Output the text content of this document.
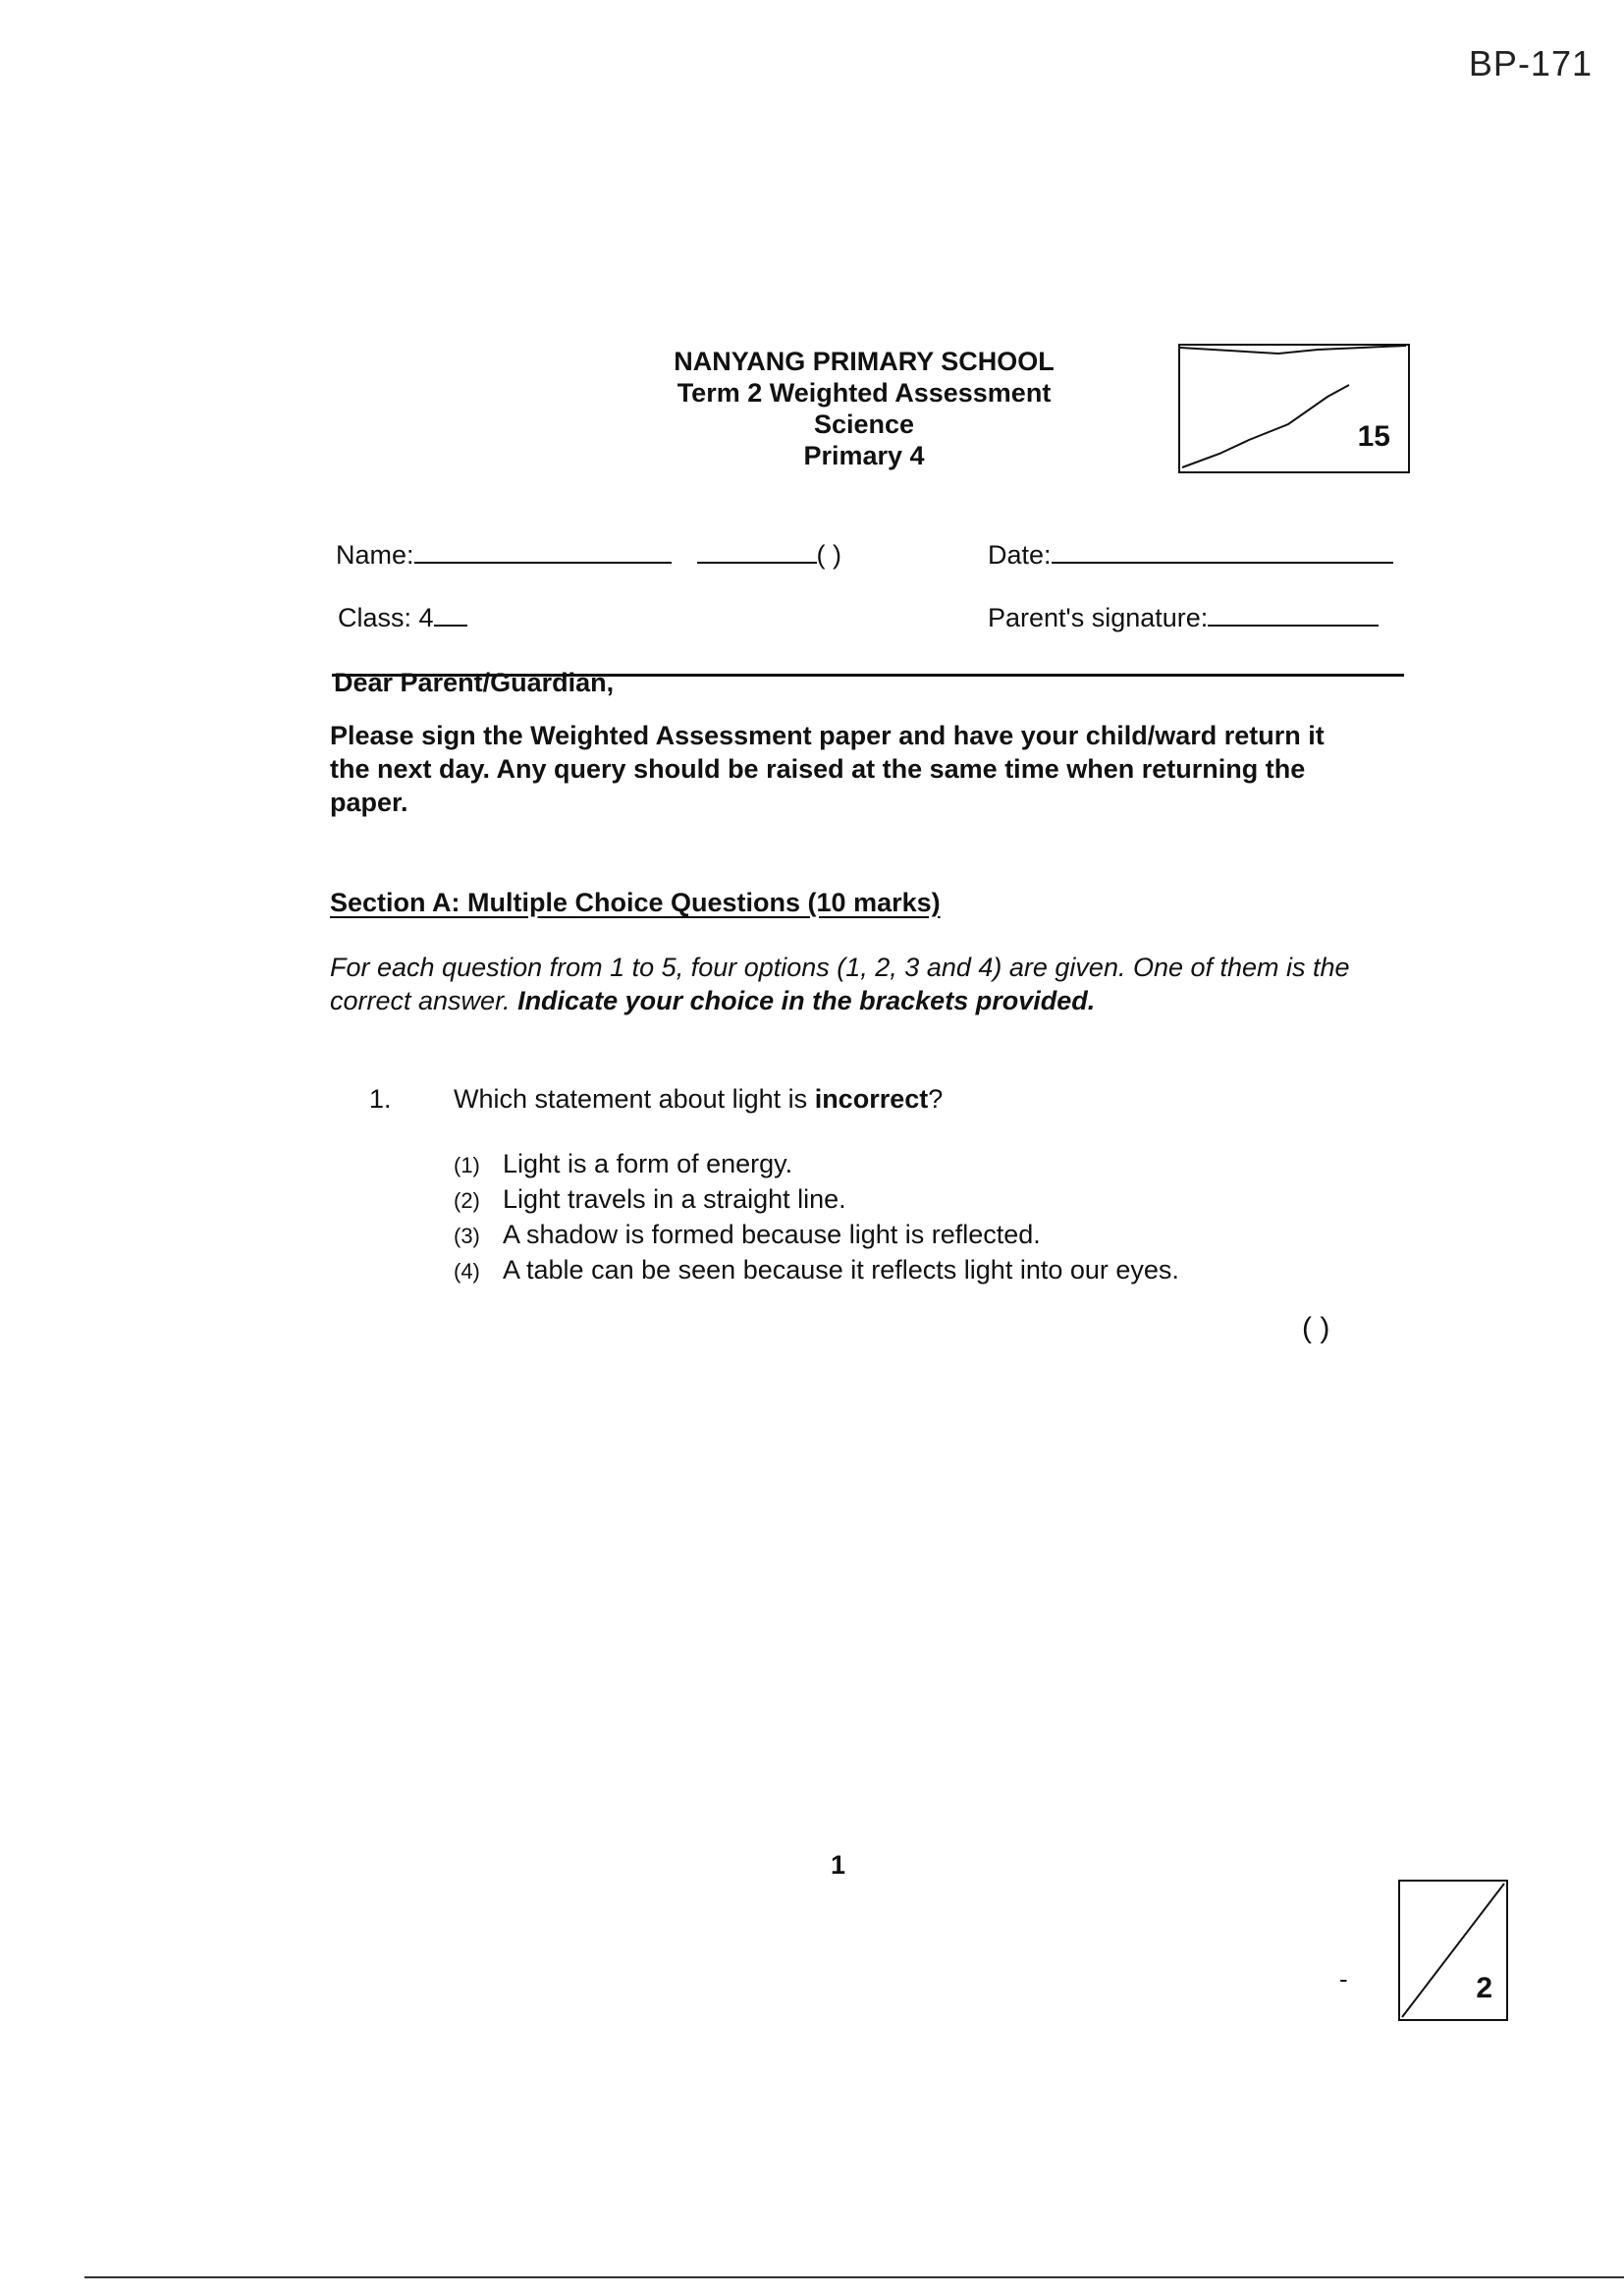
BP-171
NANYANG PRIMARY SCHOOL
Term 2 Weighted Assessment
Science
Primary 4
15
Name:	( )	Date:
Class: 4	Parent's signature:
Dear Parent/Guardian,
Please sign the Weighted Assessment paper and have your child/ward return it the next day. Any query should be raised at the same time when returning the paper.
Section A: Multiple Choice Questions (10 marks)
For each question from 1 to 5, four options (1, 2, 3 and 4) are given. One of them is the correct answer. Indicate your choice in the brackets provided.
1. Which statement about light is incorrect?
(1) Light is a form of energy.
(2) Light travels in a straight line.
(3) A shadow is formed because light is reflected.
(4) A table can be seen because it reflects light into our eyes.
( )
1
-	2
